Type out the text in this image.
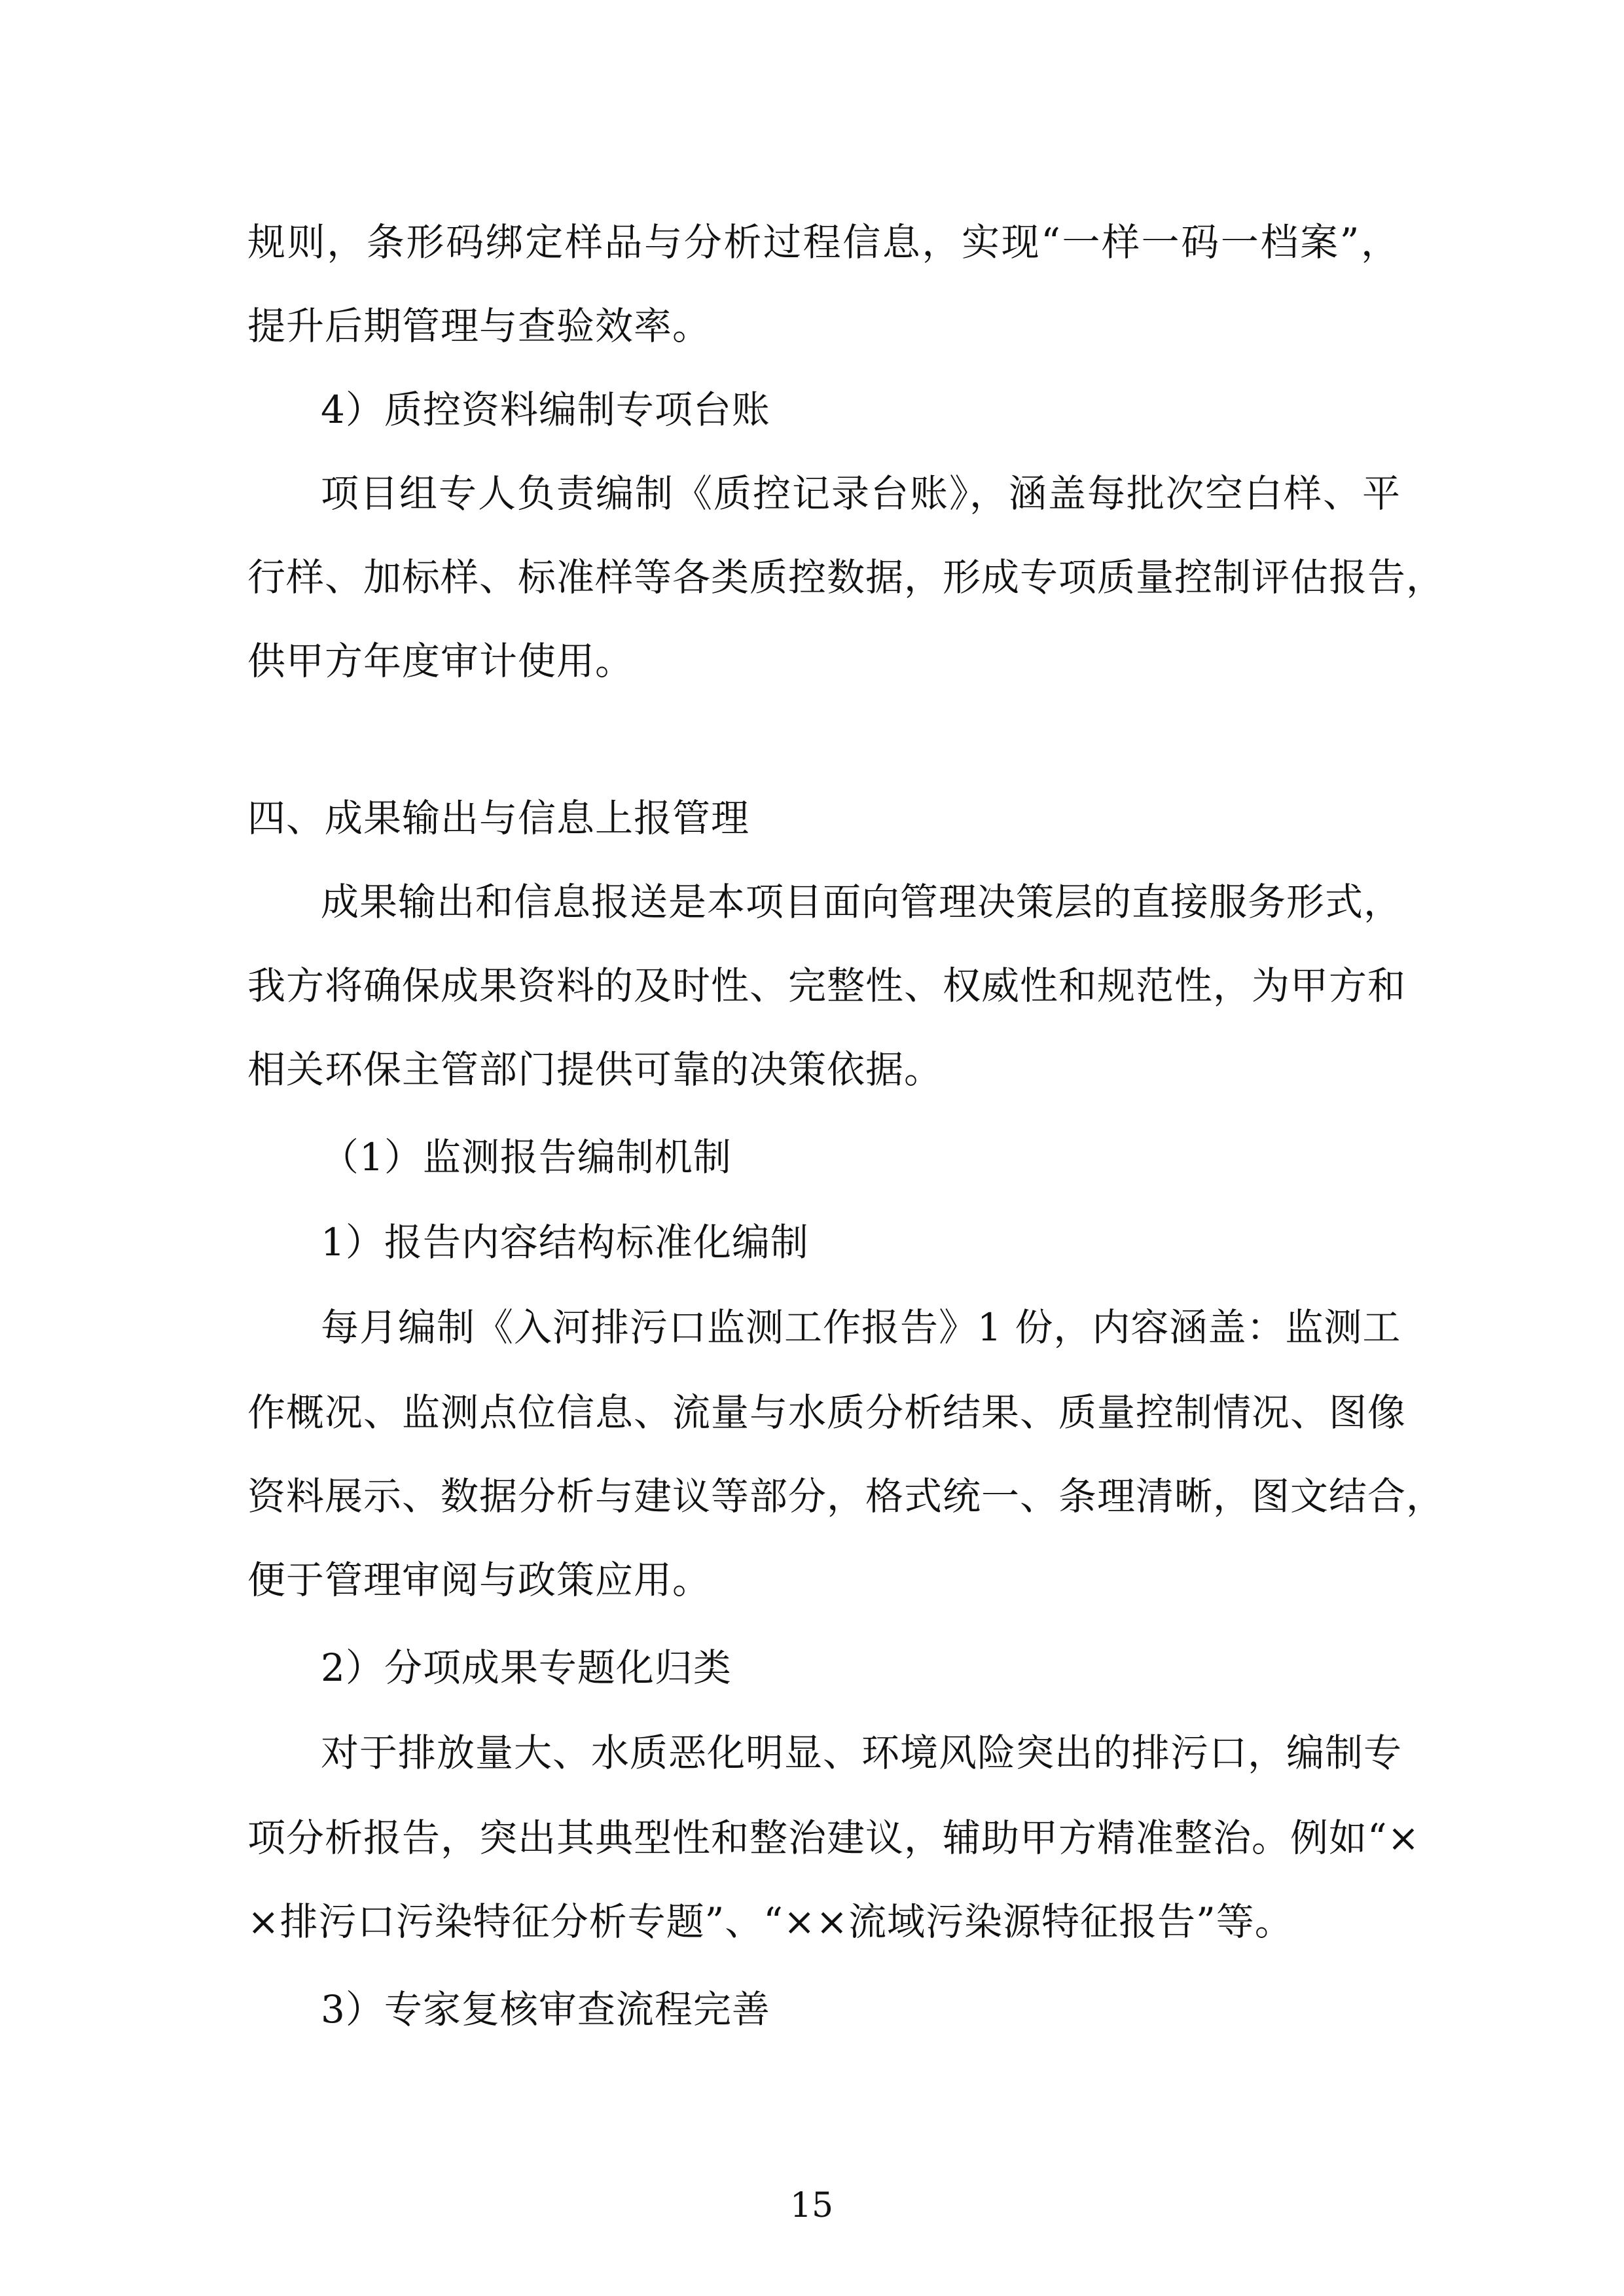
规则，条形码绑定样品与分析过程信息，实现“一样一码一档案”，
提升后期管理与查验效率。
4）质控资料编制专项台账
项目组专人负责编制《质控记录台账》，涵盖每批次空白样、平
行样、加标样、标准样等各类质控数据，形成专项质量控制评估报告，
供甲方年度审计使用。
四、成果输出与信息上报管理
成果输出和信息报送是本项目面向管理决策层的直接服务形式，
我方将确保成果资料的及时性、完整性、权威性和规范性，为甲方和
相关环保主管部门提供可靠的决策依据。
（1）监测报告编制机制
1）报告内容结构标准化编制
每月编制《入河排污口监测工作报告》1 份，内容涵盖：监测工
作概况、监测点位信息、流量与水质分析结果、质量控制情况、图像
资料展示、数据分析与建议等部分，格式统一、条理清晰，图文结合，
便于管理审阅与政策应用。
2）分项成果专题化归类
对于排放量大、水质恶化明显、环境风险突出的排污口，编制专
项分析报告，突出其典型性和整治建议，辅助甲方精准整治。例如“×
×排污口污染特征分析专题”、“××流域污染源特征报告”等。
3）专家复核审查流程完善
15
